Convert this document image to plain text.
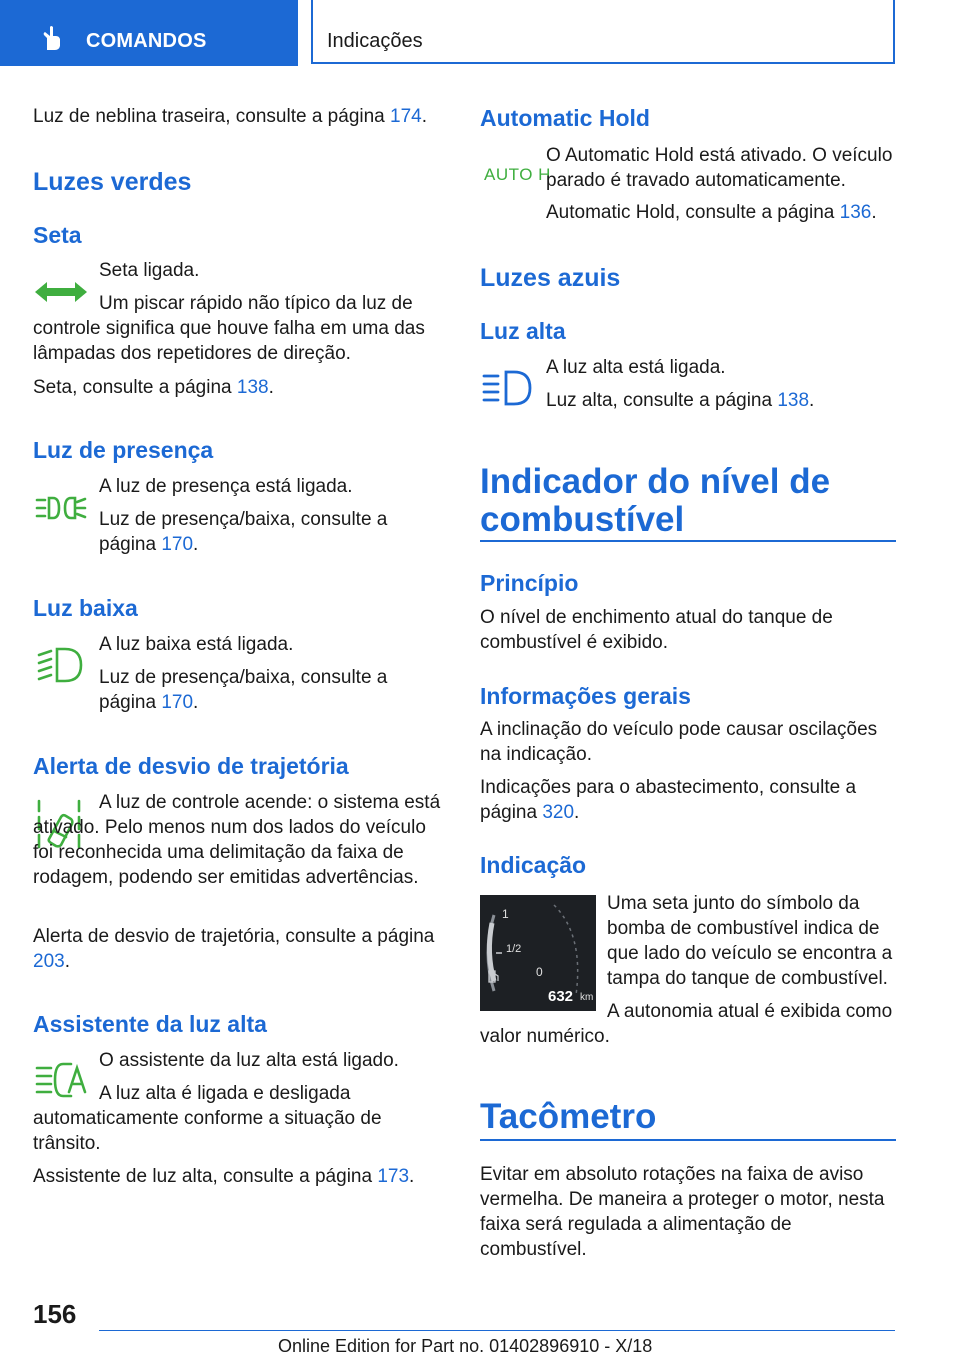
COMANDOS	Indicações

Luz de neblina traseira, consulte a página 174.

Luzes verdes
Seta

Seta ligada.

Um piscar rápido não típico da luz de controle significa que houve falha em uma das lâmpadas dos repetidores de direção.

Seta, consulte a página 138.

Luz de presença

A luz de presença está ligada.

Luz de presença/baixa, consulte a página 170.

Luz baixa

A luz baixa está ligada.

Luz de presença/baixa, consulte a página 170.

Alerta de desvio de trajetória

A luz de controle acende: o sistema está ativado. Pelo menos num dos lados do veículo foi reconhecida uma delimitação da faixa de rodagem, podendo ser emitidas advertências.

Alerta de desvio de trajetória, consulte a página 203.

Assistente da luz alta

O assistente da luz alta está ligado.

A luz alta é ligada e desligada automaticamente conforme a situação de trânsito.

Assistente de luz alta, consulte a página 173.

Automatic Hold
AUTO H

O Automatic Hold está ativado. O veículo parado é travado automaticamente.

Automatic Hold, consulte a página 136.

Luzes azuis
Luz alta

A luz alta está ligada.

Luz alta, consulte a página 138.

Indicador do nível de combustível
Princípio

O nível de enchimento atual do tanque de combustível é exibido.

Informações gerais

A inclinação do veículo pode causar oscilações na indicação.

Indicações para o abastecimento, consulte a página 320.

Indicação

Uma seta junto do símbolo da bomba de combustível indica de que lado do veículo se encontra a tampa do tanque de combustível.

A autonomia atual é exibida como valor numérico.

Tacômetro

Evitar em absoluto rotações na faixa de aviso vermelha. De maneira a proteger o motor, nesta faixa será regulada a alimentação de combustível.

1
1/2
0
632 km
156
Online Edition for Part no. 01402896910 - X/18
